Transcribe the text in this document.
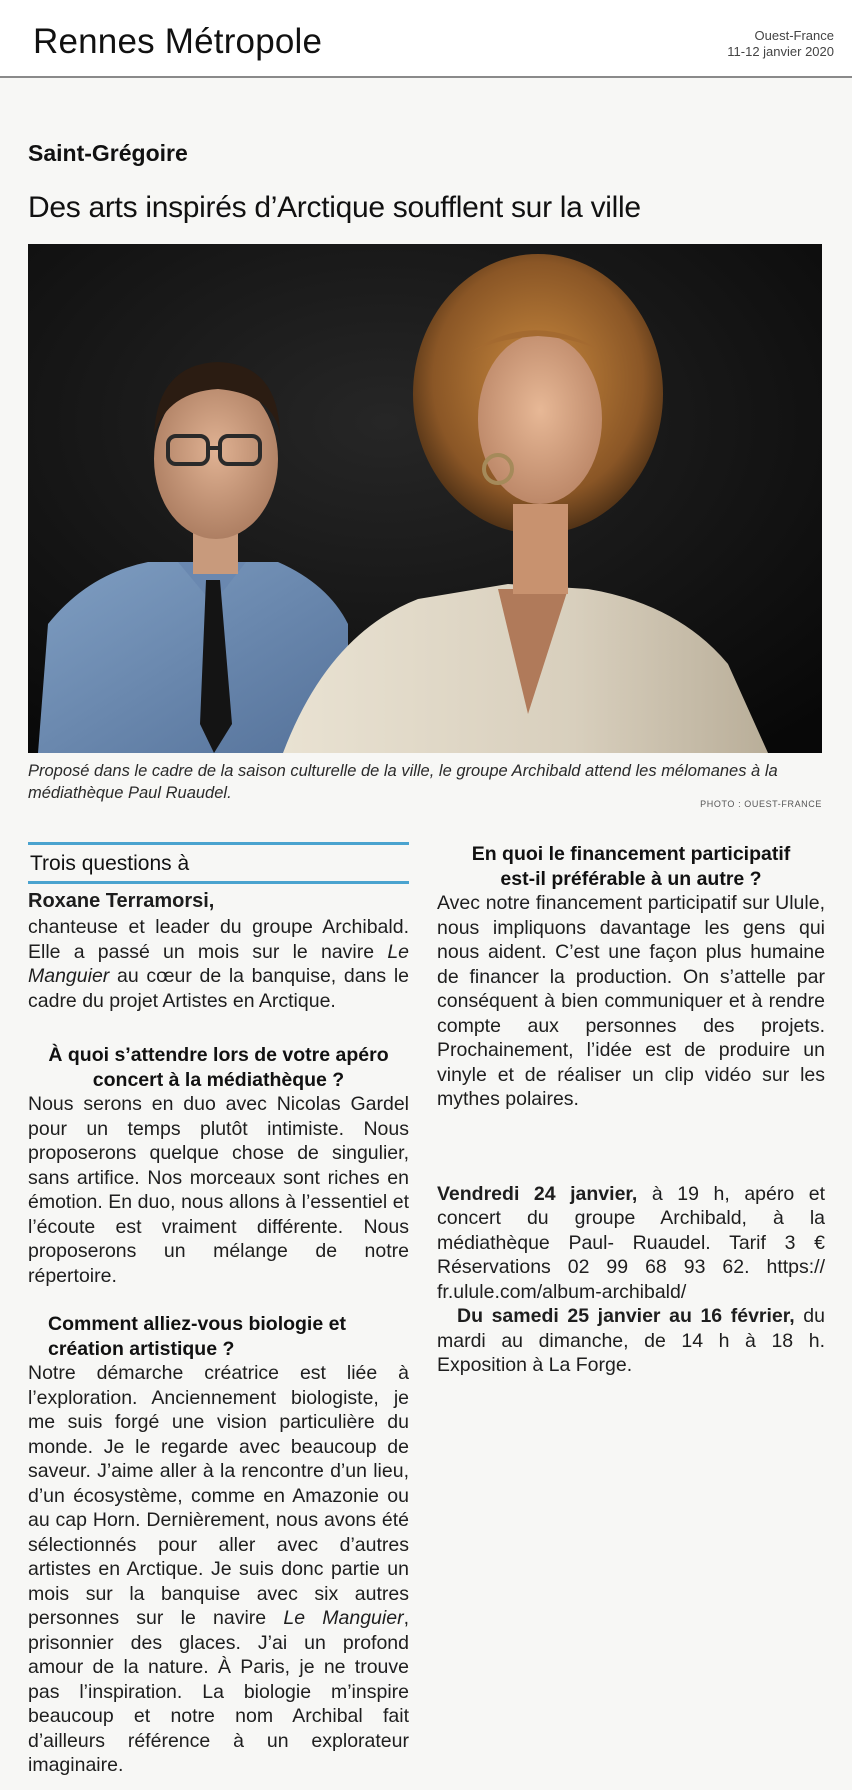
Rennes Métropole	Ouest-France
11-12 janvier 2020
Saint-Grégoire
Des arts inspirés d’Arctique soufflent sur la ville
Proposé dans le cadre de la saison culturelle de la ville, le groupe Archibald attend les mélomanes à la médiathèque Paul Ruaudel.
PHOTO : OUEST-FRANCE
Trois questions à
Roxane Terramorsi,
chanteuse et leader du groupe Archibald. Elle a passé un mois sur le navire Le Manguier au cœur de la banquise, dans le cadre du projet Artistes en Arctique.
À quoi s’attendre lors de votre apéro concert à la médiathèque ?
Nous serons en duo avec Nicolas Gardel pour un temps plutôt intimiste. Nous proposerons quelque chose de singulier, sans artifice. Nos morceaux sont riches en émotion. En duo, nous allons à l’essentiel et l’écoute est vraiment différente. Nous proposerons un mélange de notre répertoire.
Comment alliez-vous biologie et création artistique ?
Notre démarche créatrice est liée à l’exploration. Anciennement biologiste, je me suis forgé une vision particulière du monde. Je le regarde avec beaucoup de saveur. J’aime aller à la rencontre d’un lieu, d’un écosystème, comme en Amazonie ou au cap Horn. Dernièrement, nous avons été sélectionnés pour aller avec d’autres artistes en Arctique. Je suis donc partie un mois sur la banquise avec six autres personnes sur le navire Le Manguier, prisonnier des glaces. J’ai un profond amour de la nature. À Paris, je ne trouve pas l’inspiration. La biologie m’inspire beaucoup et notre nom Archibal fait d’ailleurs référence à un explorateur imaginaire.
En quoi le financement participatif est-il préférable à un autre ?
Avec notre financement participatif sur Ulule, nous impliquons davantage les gens qui nous aident. C’est une façon plus humaine de financer la production. On s’attelle par conséquent à bien communiquer et à rendre compte aux personnes des projets. Prochainement, l’idée est de produire un vinyle et de réaliser un clip vidéo sur les mythes polaires.
Vendredi 24 janvier, à 19 h, apéro et concert du groupe Archibald, à la médiathèque Paul- Ruaudel. Tarif 3 € Réservations 02 99 68 93 62. https:// fr.ulule.com/album-archibald/
Du samedi 25 janvier au 16 février, du mardi au dimanche, de 14 h à 18 h. Exposition à La Forge.
